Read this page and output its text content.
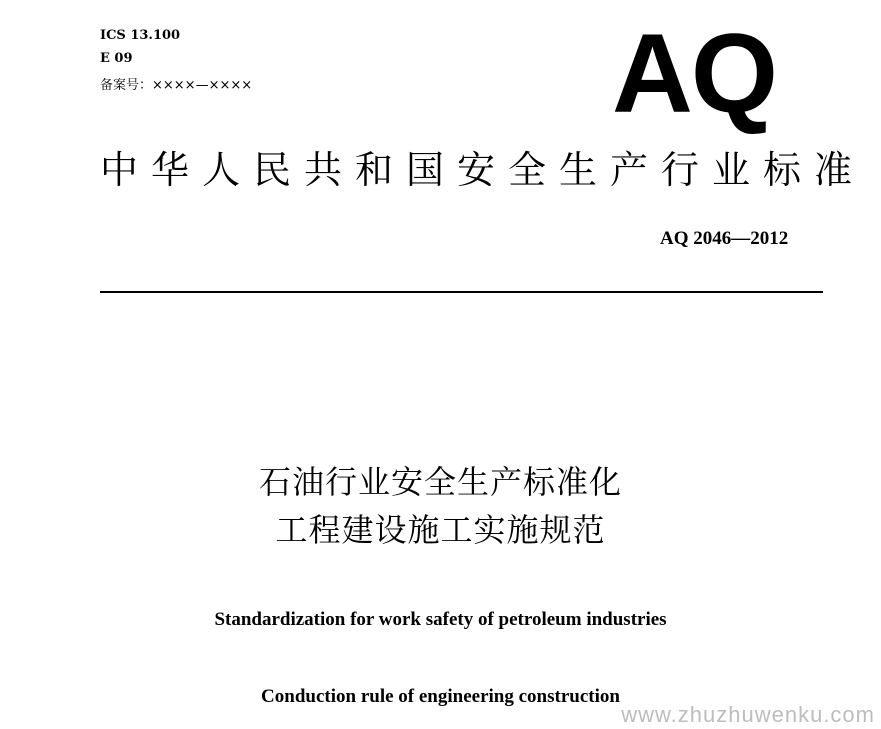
ICS 13.100
E 09
备案号：××××—××××	AQ
中华人民共和国安全生产行业标准
AQ 2046—2012
石油行业安全生产标准化
工程建设施工实施规范
Standardization for work safety of petroleum industries
Conduction rule of engineering construction
www.zhuzhuwenku.com
